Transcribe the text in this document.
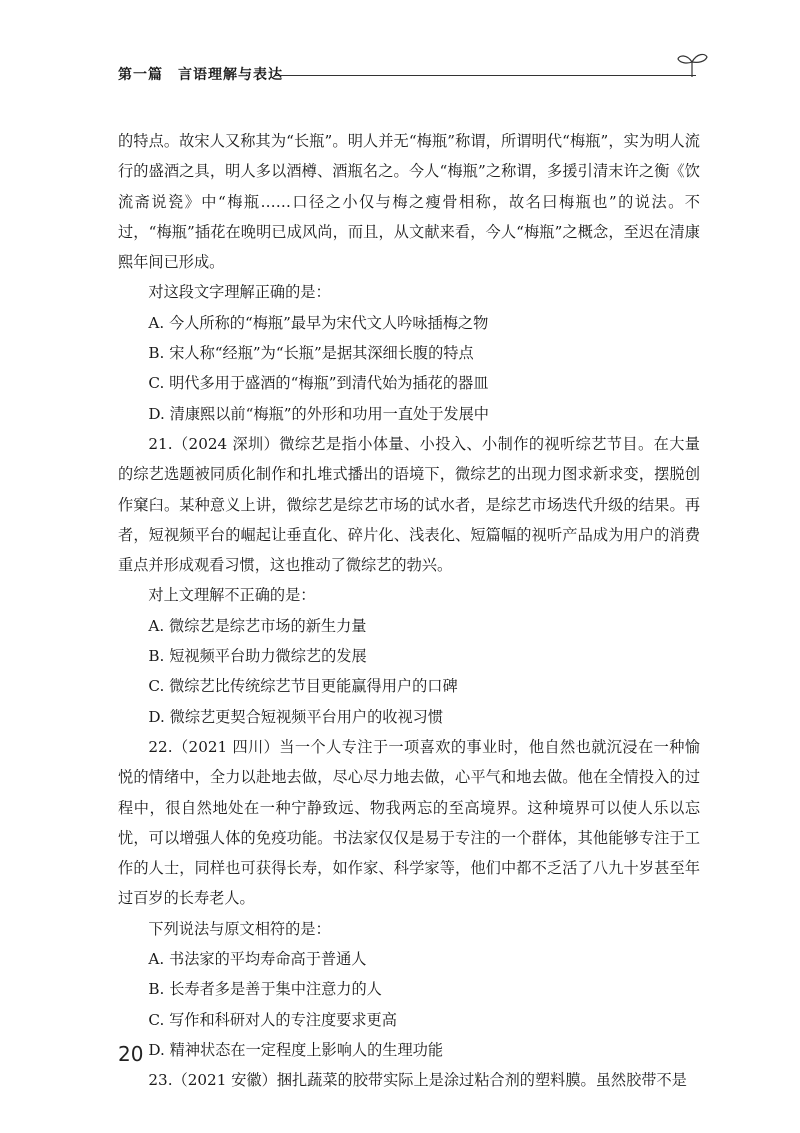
第一篇　言语理解与表达

的特点。故宋人又称其为“长瓶”。明人并无“梅瓶”称谓，所谓明代“梅瓶”，实为明人流行的盛酒之具，明人多以酒樽、酒瓶名之。今人“梅瓶”之称谓，多援引清末许之衡《饮流斋说瓷》中“梅瓶……口径之小仅与梅之瘦骨相称，故名曰梅瓶也”的说法。不过，“梅瓶”插花在晚明已成风尚，而且，从文献来看，今人“梅瓶”之概念，至迟在清康熙年间已形成。

对这段文字理解正确的是：

A. 今人所称的“梅瓶”最早为宋代文人吟咏插梅之物

B. 宋人称“经瓶”为“长瓶”是据其深细长腹的特点

C. 明代多用于盛酒的“梅瓶”到清代始为插花的器皿

D. 清康熙以前“梅瓶”的外形和功用一直处于发展中

21.（2024 深圳）微综艺是指小体量、小投入、小制作的视听综艺节目。在大量的综艺选题被同质化制作和扎堆式播出的语境下，微综艺的出现力图求新求变，摆脱创作窠臼。某种意义上讲，微综艺是综艺市场的试水者，是综艺市场迭代升级的结果。再者，短视频平台的崛起让垂直化、碎片化、浅表化、短篇幅的视听产品成为用户的消费重点并形成观看习惯，这也推动了微综艺的勃兴。

对上文理解不正确的是：

A. 微综艺是综艺市场的新生力量

B. 短视频平台助力微综艺的发展

C. 微综艺比传统综艺节目更能赢得用户的口碑

D. 微综艺更契合短视频平台用户的收视习惯

22.（2021 四川）当一个人专注于一项喜欢的事业时，他自然也就沉浸在一种愉悦的情绪中，全力以赴地去做，尽心尽力地去做，心平气和地去做。他在全情投入的过程中，很自然地处在一种宁静致远、物我两忘的至高境界。这种境界可以使人乐以忘忧，可以增强人体的免疫功能。书法家仅仅是易于专注的一个群体，其他能够专注于工作的人士，同样也可获得长寿，如作家、科学家等，他们中都不乏活了八九十岁甚至年过百岁的长寿老人。

下列说法与原文相符的是：

A. 书法家的平均寿命高于普通人

B. 长寿者多是善于集中注意力的人

C. 写作和科研对人的专注度要求更高

D. 精神状态在一定程度上影响人的生理功能

23.（2021 安徽）捆扎蔬菜的胶带实际上是涂过粘合剂的塑料膜。虽然胶带不是

20
